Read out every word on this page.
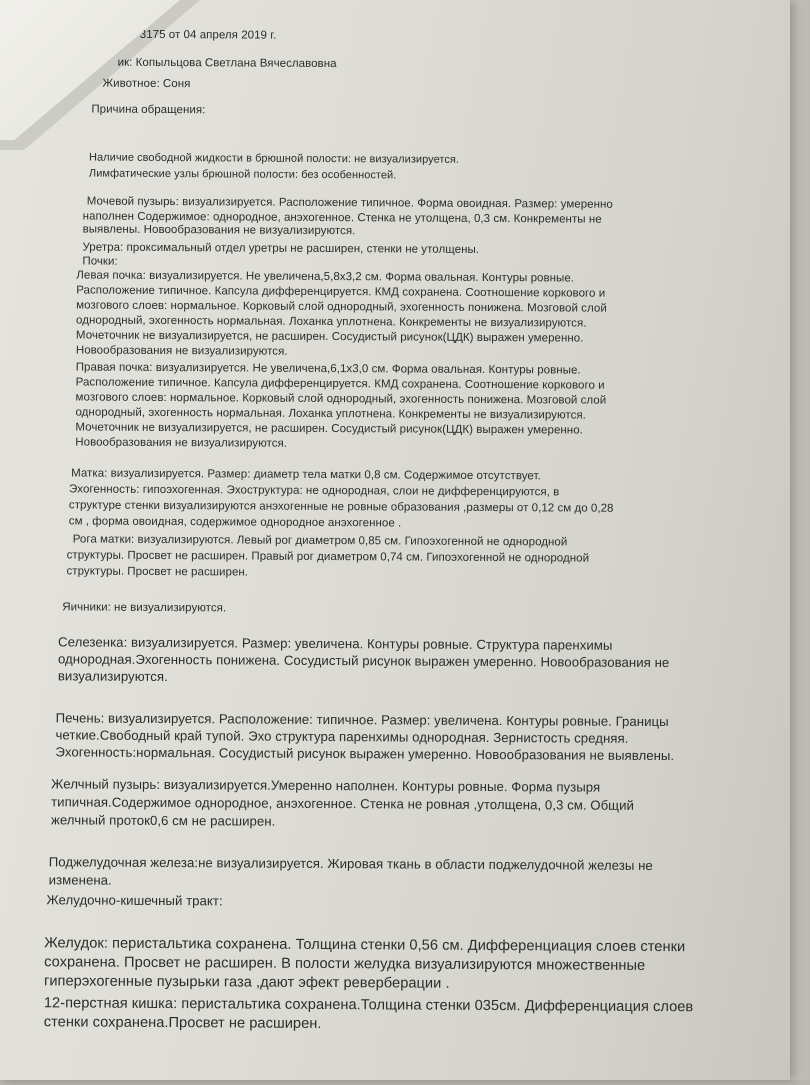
3175 от 04 апреля 2019 г.
ик: Копыльцова Светлана Вячеславовна
Животное: Соня
Причина обращения:
Наличие свободной жидкости в брюшной полости: не визуализируется.
Лимфатические узлы брюшной полости: без особенностей.
Мочевой пузырь: визуализируется. Расположение типичное. Форма овоидная. Размер: умеренно
наполнен Содержимое: однородное, анэхогенное. Стенка не утолщена, 0,3 см. Конкременты не
выявлены. Новообразования не визуализируются.
Уретра: проксимальный отдел уретры не расширен, стенки не утолщены.
Почки:
Левая почка: визуализируется. Не увеличена,5,8х3,2 см. Форма овальная. Контуры ровные.
Расположение типичное. Капсула дифференцируется. КМД сохранена. Соотношение коркового и
мозгового слоев: нормальное. Корковый слой однородный, эхогенность понижена. Мозговой слой
однородный, эхогенность нормальная. Лоханка уплотнена. Конкременты не визуализируются.
Мочеточник не визуализируется, не расширен. Сосудистый рисунок(ЦДК) выражен умеренно.
Новообразования не визуализируются.
Правая почка: визуализируется. Не увеличена,6,1х3,0 см. Форма овальная. Контуры ровные.
Расположение типичное. Капсула дифференцируется. КМД сохранена. Соотношение коркового и
мозгового слоев: нормальное. Корковый слой однородный, эхогенность понижена. Мозговой слой
однородный, эхогенность нормальная. Лоханка уплотнена. Конкременты не визуализируются.
Мочеточник не визуализируется, не расширен. Сосудистый рисунок(ЦДК) выражен умеренно.
Новообразования не визуализируются.
Матка: визуализируется. Размер: диаметр тела матки 0,8 см. Содержимое отсутствует.
Эхогенность: гипоэхогенная. Эхоструктура: не однородная, слои не дифференцируются, в
структуре стенки визуализируются анэхогенные не ровные образования ,размеры от 0,12 см до 0,28
см , форма овоидная, содержимое однородное анэхогенное .
Рога матки: визуализируются. Левый рог диаметром 0,85 см. Гипоэхогенной не однородной
структуры. Просвет не расширен. Правый рог диаметром 0,74 см. Гипоэхогенной не однородной
структуры. Просвет не расширен.
Яичники: не визуализируются.
Селезенка: визуализируется. Размер: увеличена. Контуры ровные. Структура паренхимы
однородная.Эхогенность понижена. Сосудистый рисунок выражен умеренно. Новообразования не
визуализируются.
Печень: визуализируется. Расположение: типичное. Размер: увеличена. Контуры ровные. Границы
четкие.Свободный край тупой. Эхо структура паренхимы однородная. Зернистость средняя.
Эхогенность:нормальная. Сосудистый рисунок выражен умеренно. Новообразования не выявлены.
Желчный пузырь: визуализируется.Умеренно наполнен. Контуры ровные. Форма пузыря
типичная.Содержимое однородное, анэхогенное. Стенка не ровная ,утолщена, 0,3 см. Общий
желчный проток0,6 см не расширен.
Поджелудочная железа:не визуализируется. Жировая ткань в области поджелудочной железы не
изменена.
Желудочно-кишечный тракт:
Желудок: перистальтика сохранена. Толщина стенки 0,56 см. Дифференциация слоев стенки
сохранена. Просвет не расширен. В полости желудка визуализируются множественные
гиперэхогенные пузырьки газа ,дают эфект реверберации .
12-перстная кишка: перистальтика сохранена.Толщина стенки 035см. Дифференциация слоев
стенки сохранена.Просвет не расширен.
